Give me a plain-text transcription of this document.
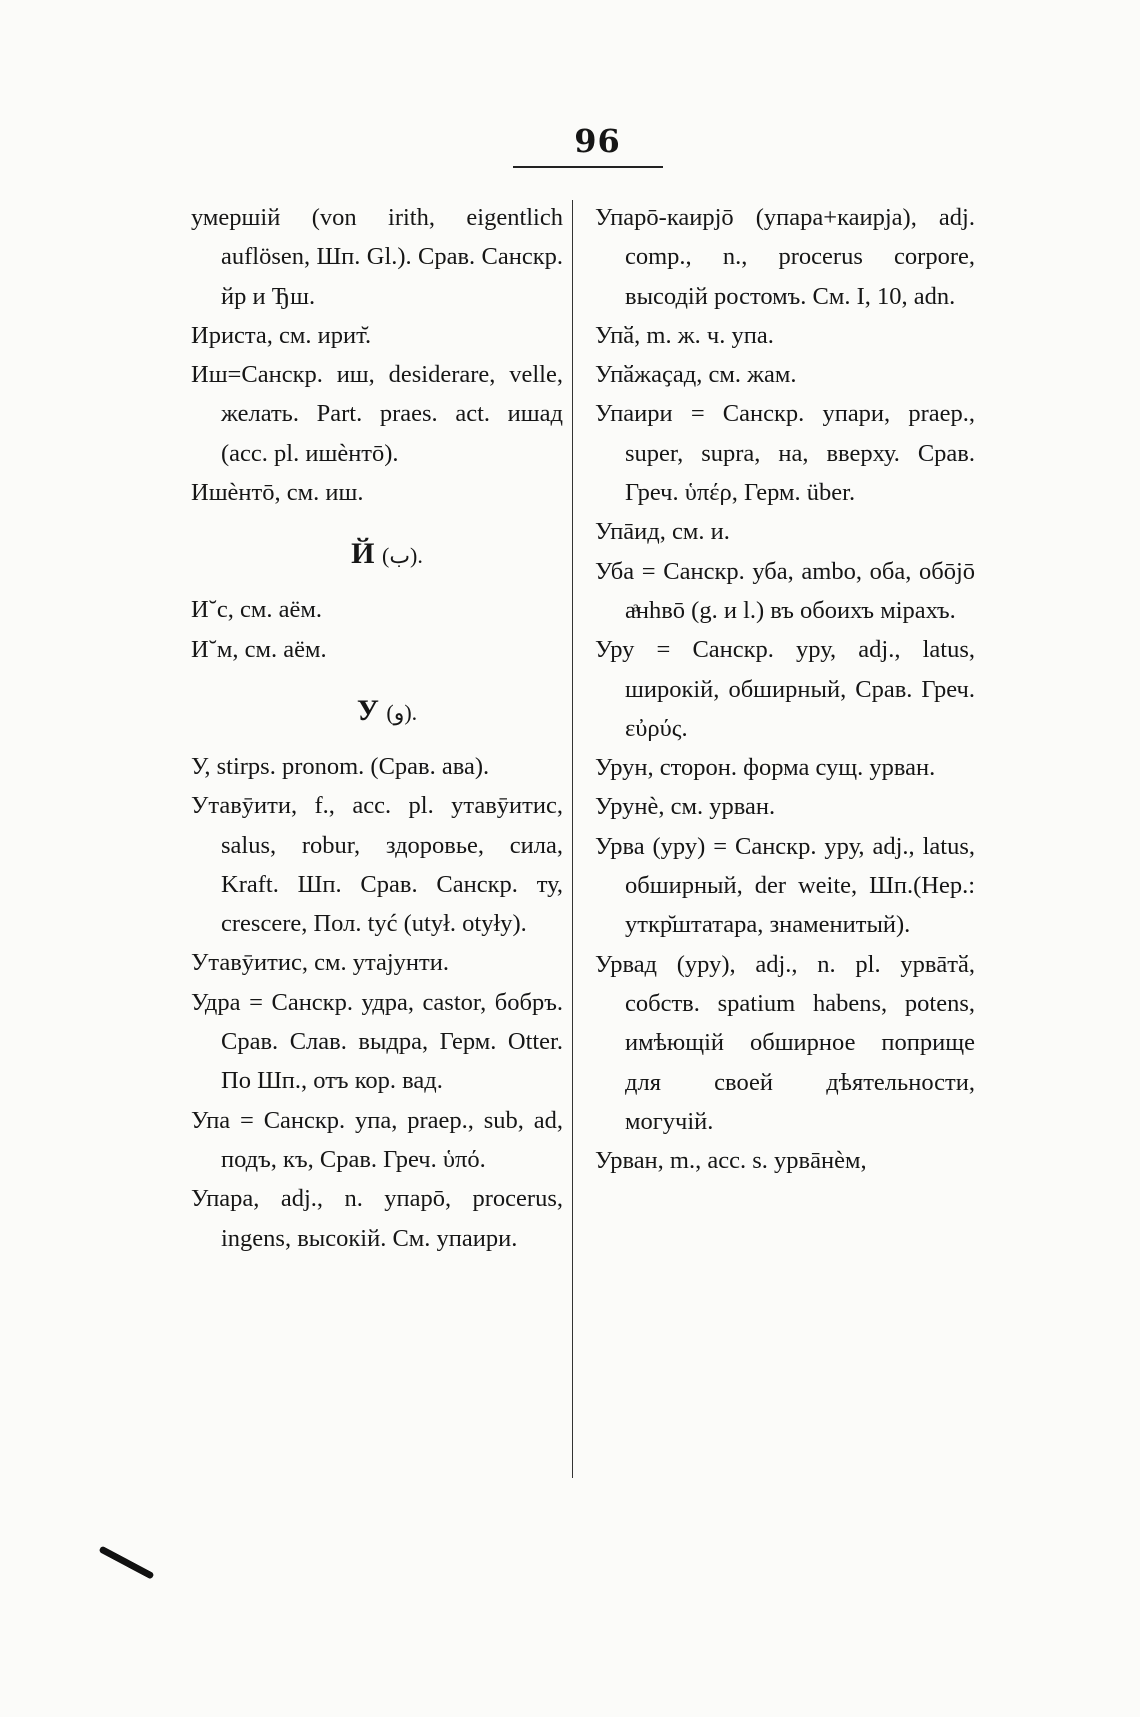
96

умершій (von irith, eigentlich auflösen, Шп. Gl.). Срав. Санскр. йр и Ђш.

Ириста, см. ирит̆.

Иш=Санскр. иш, desiderare, velle, желать. Part. praes. act. ишад (acc. pl. ишѐнтō).

Ишѐнтō, см. иш.

Й (ب).

И˘с, см. аём.

И˘м, см. аём.

У (و).

У, stirps. pronom. (Срав. ава).

Утавȳити, f., acc. pl. утавȳитис, salus, robur, здоровье, сила, Kraft. Шп. Срав. Санскр. ту, crescere, Пол. tyć (utył. otyły).

Утавȳитис, см. утајунти.

Удра = Санскр. удра, castor, бобръ. Срав. Слав. выдра, Герм. Otter. По Шп., отъ кор. вад.

Упа = Санскр. упа, praep., sub, ad, подъ, къ, Срав. Греч. ὑπό.

Упара, adj., n. упарō, procerus, ingens, высокій. См. упаири.

Упарō-каирјō (упара+каирја), adj. comp., n., procerus corpore, высодій ростомъ. См. I, 10, adn.

Упӑ, m. ж. ч. упа.

Упӑжаҫад, см. жам.

Упаири = Санскр. упари, praep., super, supra, на, вверху. Срав. Греч. ὑπέρ, Герм. über.

Упāид, см. и.

Уба = Санскр. уба, ambo, оба, обōјō аͣнһвō (g. и l.) въ обоихъ мірахъ.

Уру = Санскр. уру, adj., latus, широкій, обширный, Срав. Греч. εὐρύς.

Урун, сторон. форма сущ. урван.

Урунѐ, см. урван.

Урва (уру) = Санскр. уру, adj., latus, обширный, der weite, Шп.(Нер.: уткр̆штатара, знаменитый).

Урвад (уру), adj., n. pl. урвāтӑ, собств. spatium habens, potens, имѣющій обширное поприще для своей дѣятельности, могучій.

Урван, m., acc. s. урвāнѐм,
